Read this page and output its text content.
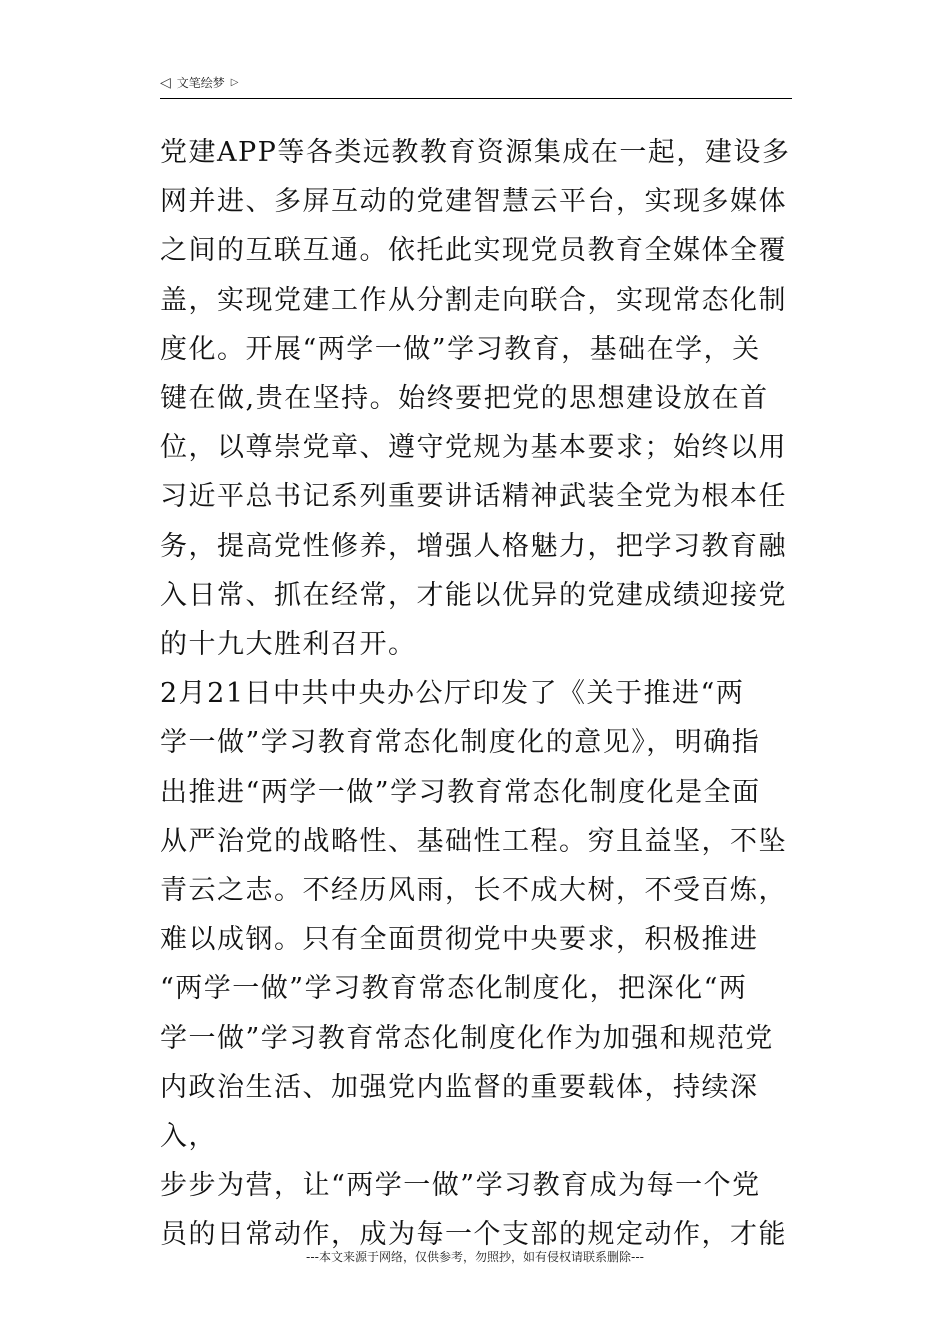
◁ 文笔绘梦 ▷

党建APP等各类远教教育资源集成在一起，建设多
网并进、多屏互动的党建智慧云平台，实现多媒体
之间的互联互通。依托此实现党员教育全媒体全覆
盖，实现党建工作从分割走向联合，实现常态化制
度化。开展“两学一做”学习教育，基础在学，关
键在做,贵在坚持。始终要把党的思想建设放在首
位，以尊崇党章、遵守党规为基本要求；始终以用
习近平总书记系列重要讲话精神武装全党为根本任
务，提高党性修养，增强人格魅力，把学习教育融
入日常、抓在经常，才能以优异的党建成绩迎接党
的十九大胜利召开。

2月21日中共中央办公厅印发了《关于推进“两
学一做”学习教育常态化制度化的意见》，明确指
出推进“两学一做”学习教育常态化制度化是全面
从严治党的战略性、基础性工程。穷且益坚，不坠
青云之志。不经历风雨，长不成大树，不受百炼，
难以成钢。只有全面贯彻党中央要求，积极推进
“两学一做”学习教育常态化制度化，把深化“两
学一做”学习教育常态化制度化作为加强和规范党
内政治生活、加强党内监督的重要载体，持续深入，
步步为营，让“两学一做”学习教育成为每一个党
员的日常动作，成为每一个支部的规定动作，才能

---本文来源于网络，仅供参考，勿照抄，如有侵权请联系删除---
